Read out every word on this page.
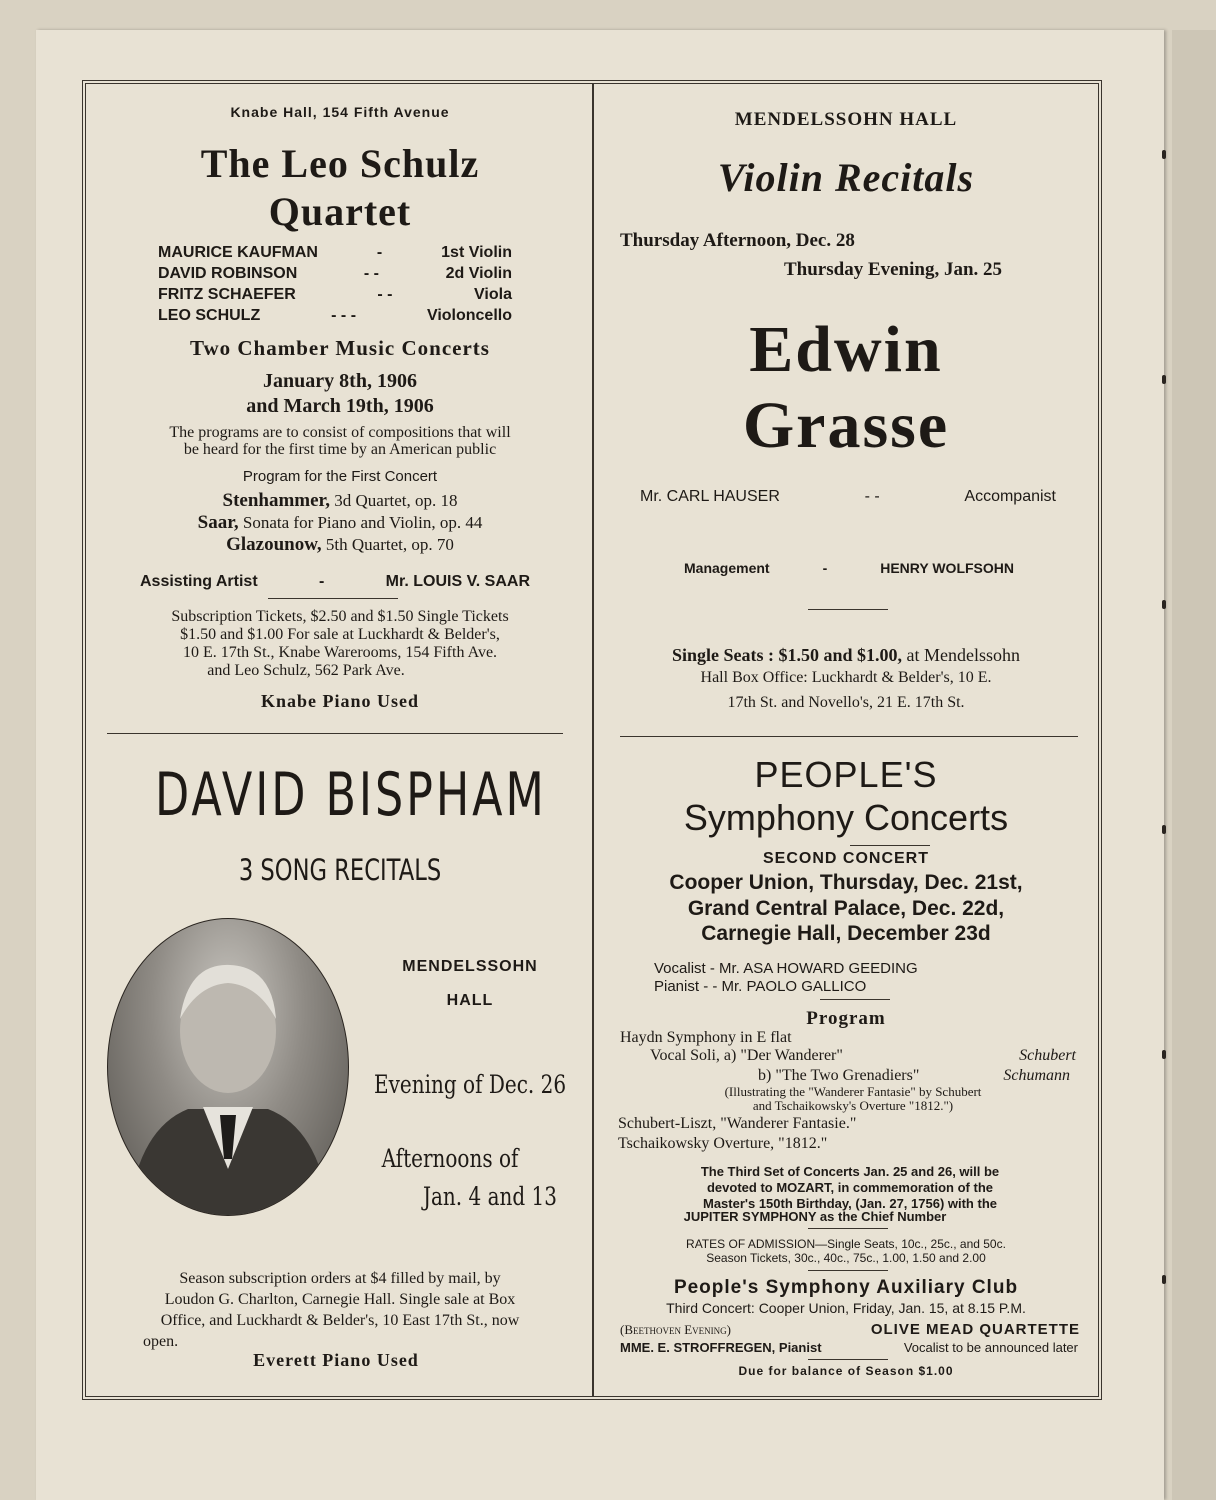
Knabe Hall, 154 Fifth Avenue
The Leo Schulz
Quartet
MAURICE KAUFMAN	-	1st Violin
DAVID ROBINSON	- -	2d Violin
FRITZ SCHAEFER	- -	Viola
LEO SCHULZ	- - -	Violoncello
Two Chamber Music Concerts
January 8th, 1906
and March 19th, 1906
The programs are to consist of compositions that will
be heard for the first time by an American public
Program for the First Concert
Stenhammer, 3d Quartet, op. 18
Saar, Sonata for Piano and Violin, op. 44
Glazounow, 5th Quartet, op. 70
Assisting Artist	-	Mr. LOUIS V. SAAR
Subscription Tickets, $2.50 and $1.50 Single Tickets
$1.50 and $1.00 For sale at Luckhardt & Belder's,
10 E. 17th St., Knabe Warerooms, 154 Fifth Ave.
and Leo Schulz, 562 Park Ave.
Knabe Piano Used
DAVID BISPHAM
3 SONG RECITALS
MENDELSSOHN
HALL
Evening of Dec. 26
Afternoons of
Jan. 4 and 13
Season subscription orders at $4 filled by mail, by
Loudon G. Charlton, Carnegie Hall. Single sale at Box
Office, and Luckhardt & Belder's, 10 East 17th St., now
open.
Everett Piano Used
MENDELSSOHN HALL
Violin Recitals
Thursday Afternoon, Dec. 28
Thursday Evening, Jan. 25
Edwin
Grasse
Mr. CARL HAUSER	- -	Accompanist
Management	-	HENRY WOLFSOHN
Single Seats : $1.50 and $1.00, at Mendelssohn
Hall Box Office: Luckhardt & Belder's, 10 E.
17th St. and Novello's, 21 E. 17th St.
PEOPLE'S
Symphony Concerts
SECOND CONCERT
Cooper Union, Thursday, Dec. 21st,
Grand Central Palace, Dec. 22d,
Carnegie Hall, December 23d
Vocalist - Mr. ASA HOWARD GEEDING
Pianist - - Mr. PAOLO GALLICO
Program
Haydn Symphony in E flat
Vocal Soli, a) "Der Wanderer"	Schubert
b) "The Two Grenadiers"	Schumann
(Illustrating the "Wanderer Fantasie" by Schubert
and Tschaikowsky's Overture "1812.")
Schubert-Liszt, "Wanderer Fantasie."
Tschaikowsky Overture, "1812."
The Third Set of Concerts Jan. 25 and 26, will be
devoted to MOZART, in commemoration of the
Master's 150th Birthday, (Jan. 27, 1756) with the
JUPITER SYMPHONY as the Chief Number
RATES OF ADMISSION—Single Seats, 10c., 25c., and 50c.
Season Tickets, 30c., 40c., 75c., 1.00, 1.50 and 2.00
People's Symphony Auxiliary Club
Third Concert: Cooper Union, Friday, Jan. 15, at 8.15 P.M.
(Beethoven Evening)	OLIVE MEAD QUARTETTE
MME. E. STROFFREGEN, Pianist	Vocalist to be announced later
Due for balance of Season $1.00
